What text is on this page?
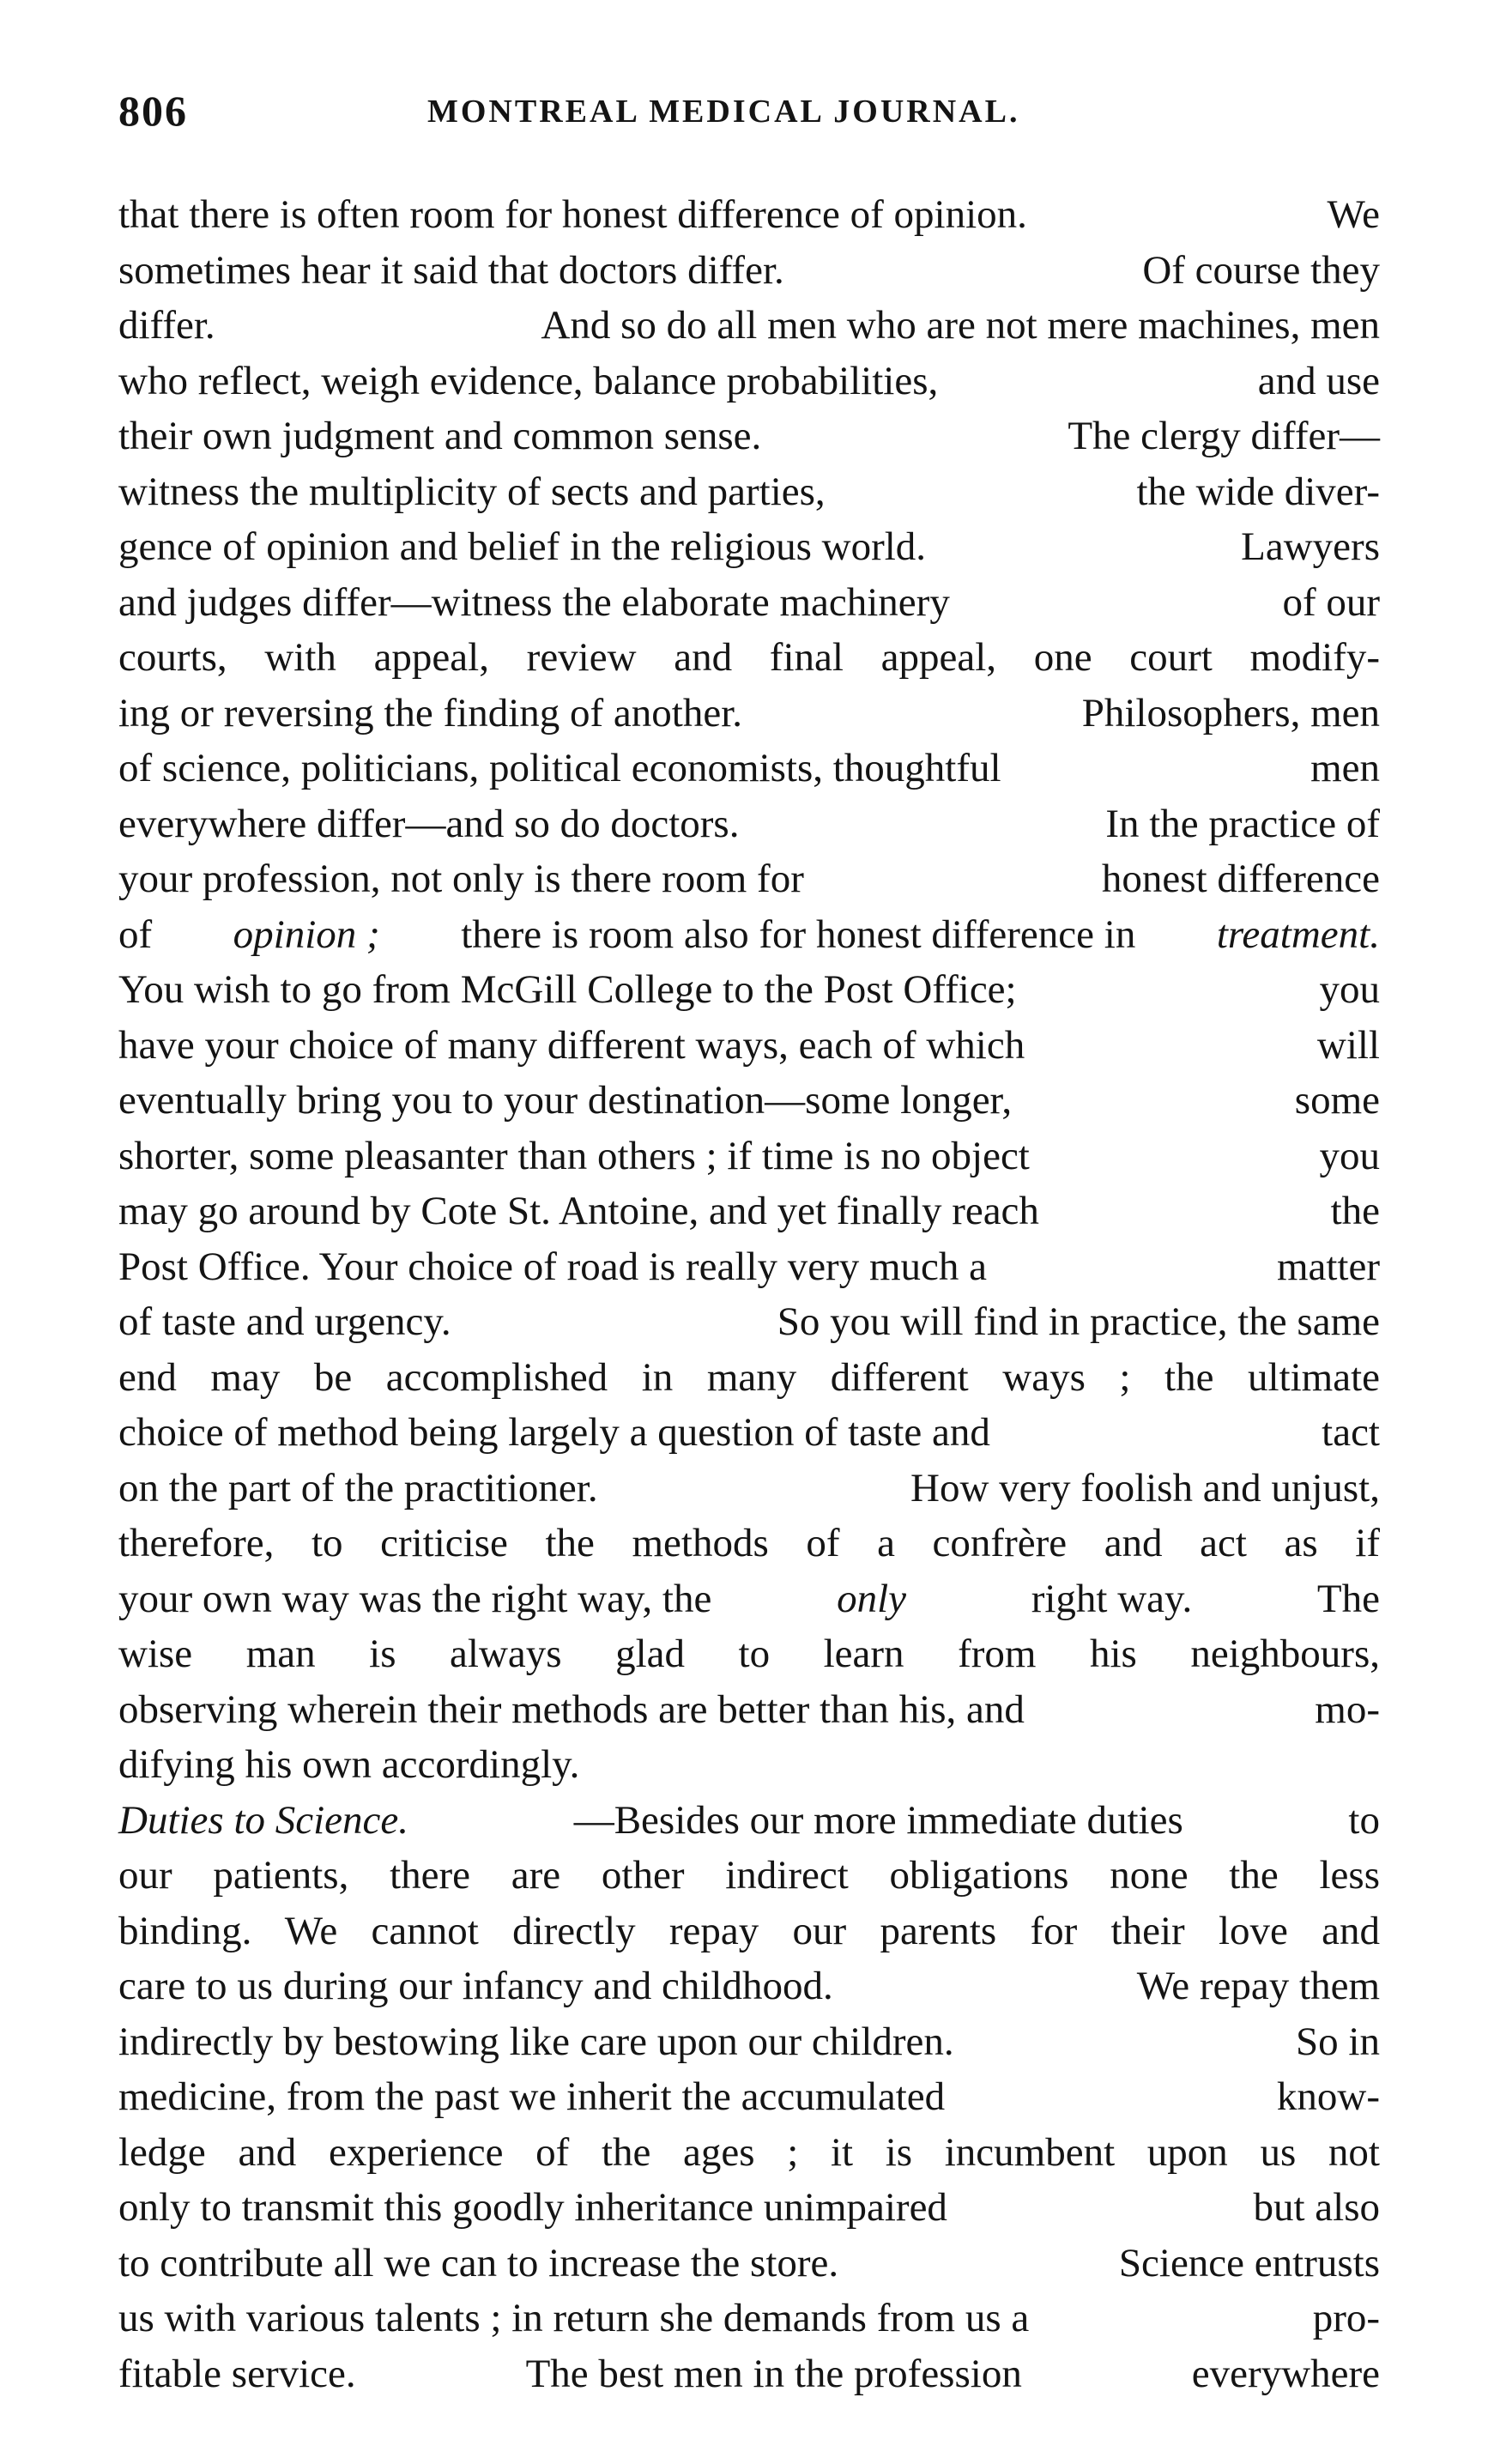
806	MONTREAL MEDICAL JOURNAL.
that there is often room for honest difference of opinion.	We
sometimes hear it said that doctors differ.	Of course they
differ.	And so do all men who are not mere machines, men
who reflect, weigh evidence, balance probabilities,	and use
their own judgment and common sense.	The clergy differ—
witness the multiplicity of sects and parties,	the wide diver-
gence of opinion and belief in the religious world.	Lawyers
and judges differ—witness the elaborate machinery	of our
courts, with appeal, review and final appeal, one court modify-
ing or reversing the finding of another.	Philosophers, men
of science, politicians, political economists, thoughtful	men
everywhere differ—and so do doctors.	In the practice of
your profession, not only is there room for	honest difference
of opinion ; there is room also for honest difference in treatment.
You wish to go from McGill College to the Post Office;	you
have your choice of many different ways, each of which	will
eventually bring you to your destination—some longer,	some
shorter, some pleasanter than others ; if time is no object	you
may go around by Cote St. Antoine, and yet finally reach	the
Post Office. Your choice of road is really very much a	matter
of taste and urgency.	So you will find in practice, the same
end may be accomplished in many different ways ; the ultimate
choice of method being largely a question of taste and	tact
on the part of the practitioner.	How very foolish and unjust,
therefore, to criticise the methods of a confrère and act as if
your own way was the right way, the	only	right way.	The
wise man is always glad to learn from his neighbours,
observing wherein their methods are better than his, and	mo-
difying his own accordingly.
Duties to Science.	—Besides our more immediate duties	to
our patients, there are other indirect obligations none the less
binding. We cannot directly repay our parents for their love and
care to us during our infancy and childhood.	We repay them
indirectly by bestowing like care upon our children.	So in
medicine, from the past we inherit the accumulated	know-
ledge and experience of the ages ; it is incumbent upon us not
only to transmit this goodly inheritance unimpaired	but also
to contribute all we can to increase the store.	Science entrusts
us with various talents ; in return she demands from us a	pro-
fitable service.	The best men in the profession	everywhere
